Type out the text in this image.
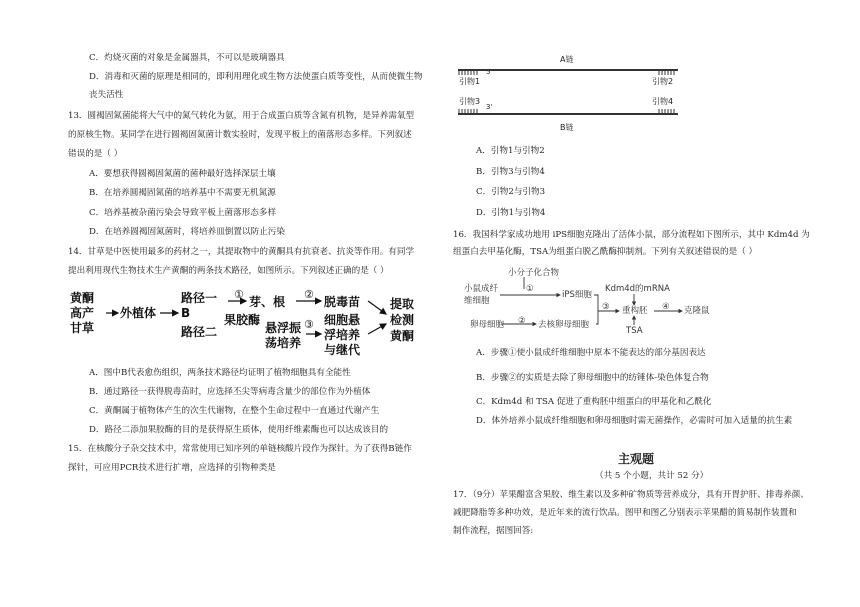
C．灼烧灭菌的对象是金属器具，不可以是玻璃器具
D．消毒和灭菌的原理是相同的，即利用理化或生物方法使蛋白质等变性，从而使微生物
丧失活性
13．圆褐固氮菌能将大气中的氮气转化为氨，用于合成蛋白质等含氮有机物，是异养需氧型
的原核生物。某同学在进行圆褐固氮菌计数实验时，发现平板上的菌落形态多样。下列叙述
错误的是（ ）
A．要想获得圆褐固氮菌的菌种最好选择深层土壤
B．在培养圆褐固氮菌的培养基中不需要无机氮源
C．培养基被杂菌污染会导致平板上菌落形态多样
D．在培养圆褐固氮菌时，将培养皿倒置以防止污染
14．甘草是中医使用最多的药材之一，其提取物中的黄酮具有抗衰老、抗炎等作用。有同学
提出利用现代生物技术生产黄酮的两条技术路径，如图所示。下列叙述正确的是（ ）
黄酮
高产
甘草
外植体
路径一
B
路径二
芽、根	脱毒苗
果胶酶
悬浮振
荡培养
细胞悬
浮培养
与继代
提取
检测
黄酮
①	②
③
A．图中B代表愈伤组织，两条技术路径均证明了植物细胞具有全能性
B．通过路径一获得脱毒苗时，应选择丕尖等病毒含量少的部位作为外植体
C．黄酮属于植物体产生的次生代谢物，在整个生命过程中一直通过代谢产生
D．路径二添加果胶酶的目的是获得原生质体，使用纤维素酶也可以达成该目的
15．在核酸分子杂交技术中，常常使用已知序列的单链核酸片段作为探针。为了获得B链作
探针，可应用PCR技术进行扩增，应选择的引物种类是
A链
B链
引物1	引物2
引物3	引物4
5'
3'
A．引物1与引物2
B．引物3与引物4
C．引物2与引物3
D．引物1与引物4
16．我国科学家成功地用 iPS细胞克隆出了活体小鼠，部分流程如下图所示，其中 Kdm4d 为
组蛋白去甲基化酶，TSA为组蛋白脱乙酰酶抑制剂。下列有关叙述错误的是（ ）
小分子化合物
小鼠成纤
维细胞
iPS细胞
Kdm4d的mRNA
卵母细胞	去核卵母细胞
重构胚
TSA
克隆鼠
①
②
③	④
A．步骤①使小鼠成纤维细胞中原本不能表达的部分基因表达
B．步骤②的实质是去除了卵母细胞中的纺锤体-染色体复合物
C．Kdm4d 和 TSA 促进了重构胚中组蛋白的甲基化和乙酰化
D．体外培养小鼠成纤维细胞和卵母细胞时需无菌操作，必需时可加入适量的抗生素
主观题
（共 5 个小题，共计 52 分）
17．（9分）苹果醋富含果胶、维生素以及多种矿物质等营养成分，具有开胃护肝、排毒养颜、
减肥降脂等多种功效，是近年来的流行饮品。图甲和图乙分别表示苹果醋的简易制作装置和
制作流程，据图回答:
